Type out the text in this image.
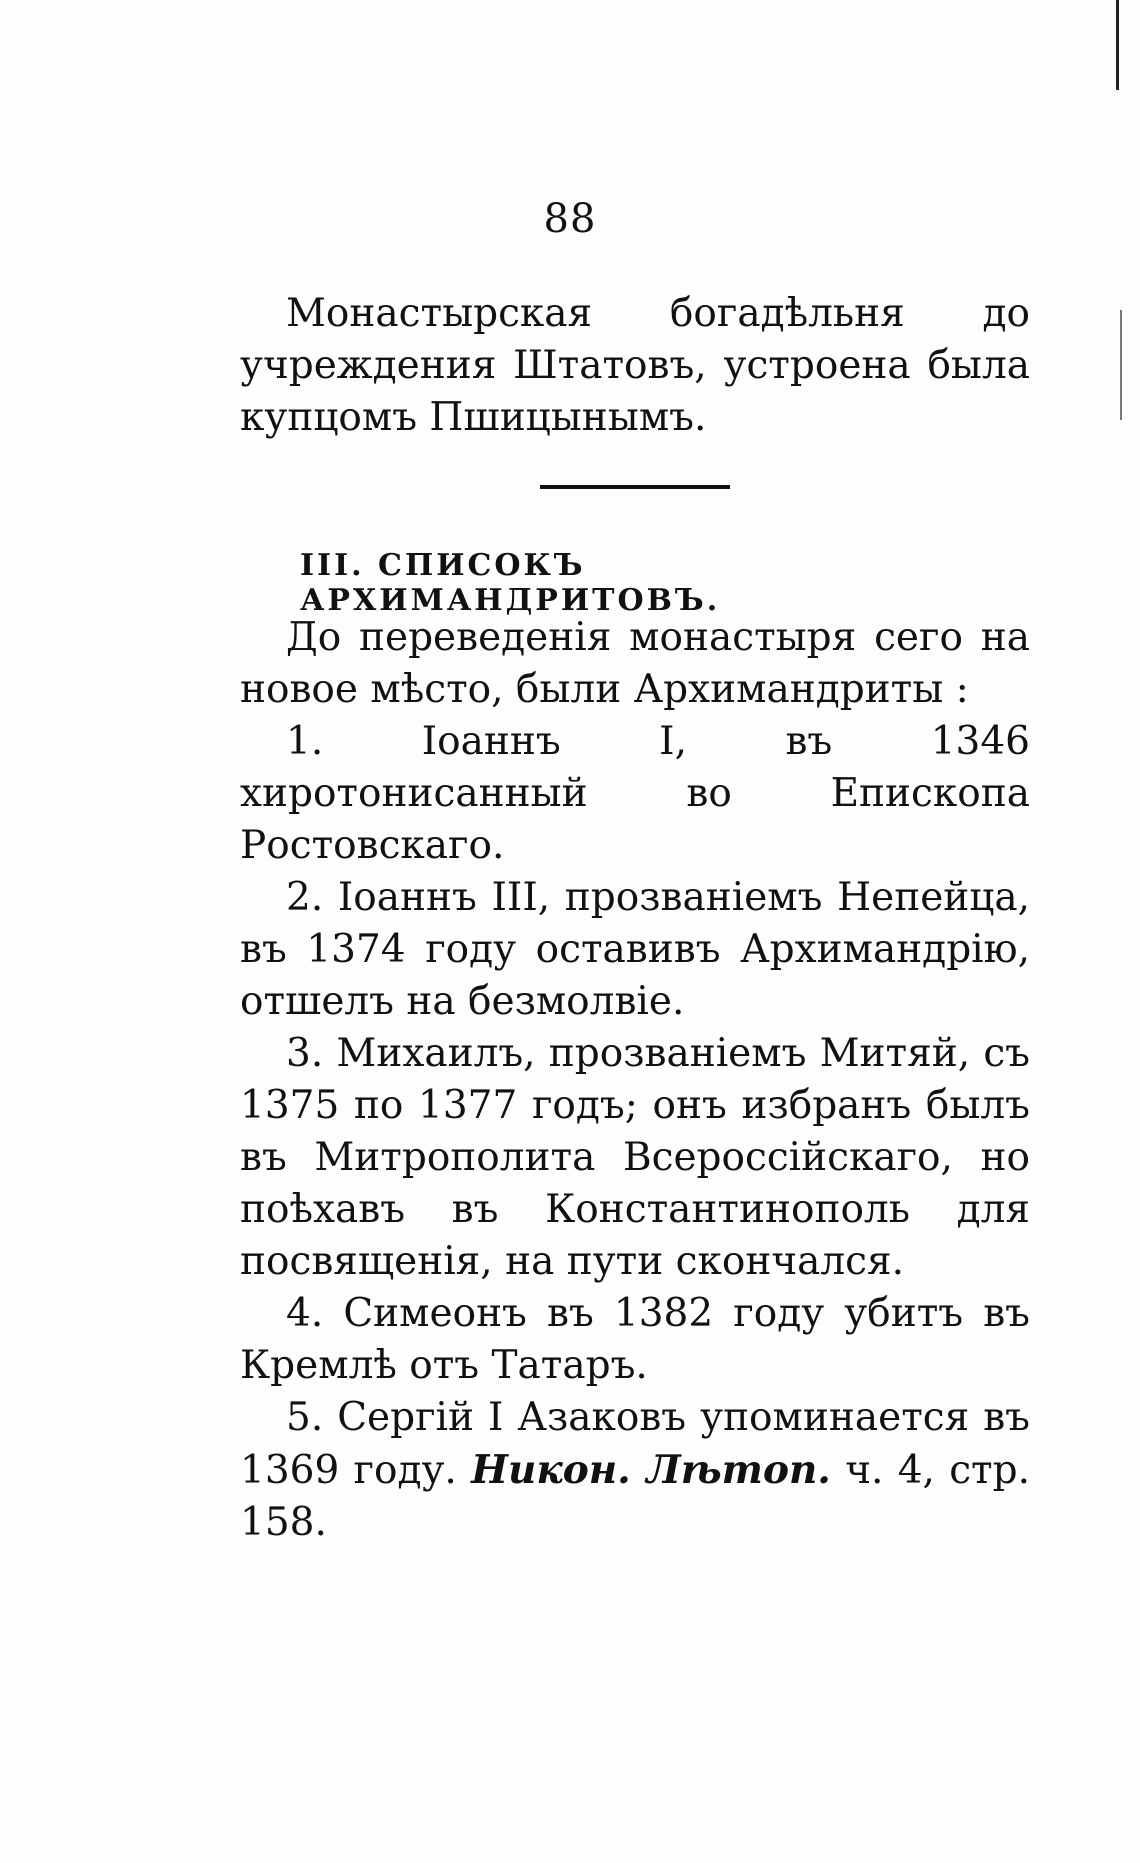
88

Монастырская богадѣльня до учреждения Штатовъ, устроена была купцомъ Пшицынымъ.

III. СПИСОКЪ АРХИМАНДРИТОВЪ.

До переведенія монастыря сего на новое мѣсто, были Архимандриты :

1. Іоаннъ I, въ 1346 хиротонисанный во Епископа Ростовскаго.

2. Іоаннъ III, прозваніемъ Непейца, въ 1374 году оставивъ Архимандрію, отшелъ на безмолвіе.

3. Михаилъ, прозваніемъ Митяй, съ 1375 по 1377 годъ; онъ избранъ былъ въ Митрополита Всероссійскаго, но поѣхавъ въ Константинополь для посвященія, на пути скончался.

4. Симеонъ въ 1382 году убитъ въ Кремлѣ отъ Татаръ.

5. Сергій I Азаковъ упоминается въ 1369 году. Никон. Лѣтоп. ч. 4, стр. 158.
